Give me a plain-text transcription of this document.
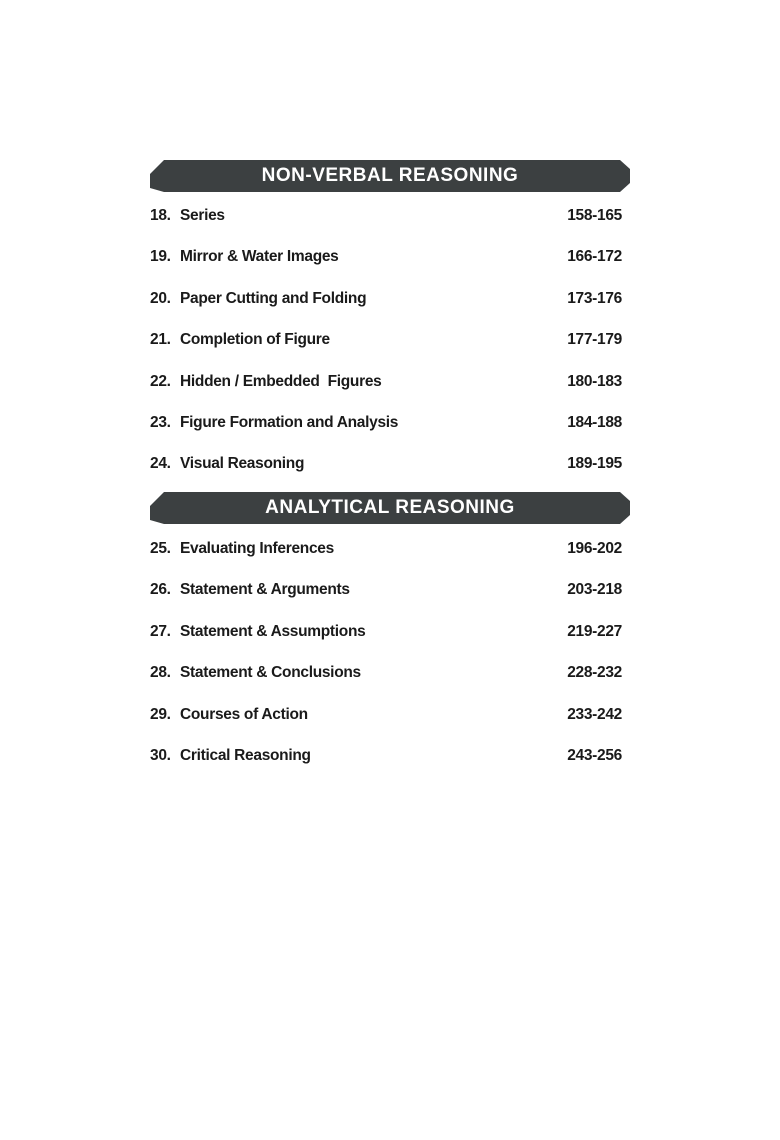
NON-VERBAL REASONING
18. Series	158-165
19. Mirror & Water Images	166-172
20. Paper Cutting and Folding	173-176
21. Completion of Figure	177-179
22. Hidden / Embedded  Figures	180-183
23. Figure Formation and Analysis	184-188
24. Visual Reasoning	189-195
ANALYTICAL REASONING
25. Evaluating Inferences	196-202
26. Statement & Arguments	203-218
27. Statement & Assumptions	219-227
28. Statement & Conclusions	228-232
29. Courses of Action	233-242
30. Critical Reasoning	243-256
